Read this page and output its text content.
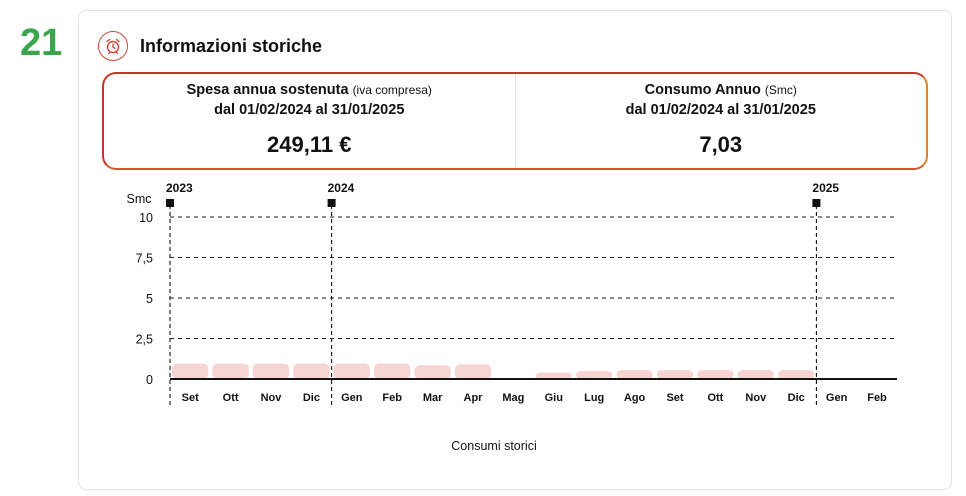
21	Informazioni storiche
Spesa annua sostenuta (iva compresa)
dal 01/02/2024 al 31/01/2025
249,11 €
Consumo Annuo (Smc)
dal 01/02/2024 al 31/01/2025
7,03
0
2,5
5
7,5
10
Smc
Set Ott Nov Dic Gen Feb Mar Apr Mag Giu Lug Ago Set Ott Nov Dic Gen Feb
2023	2024	2025
Consumi storici
